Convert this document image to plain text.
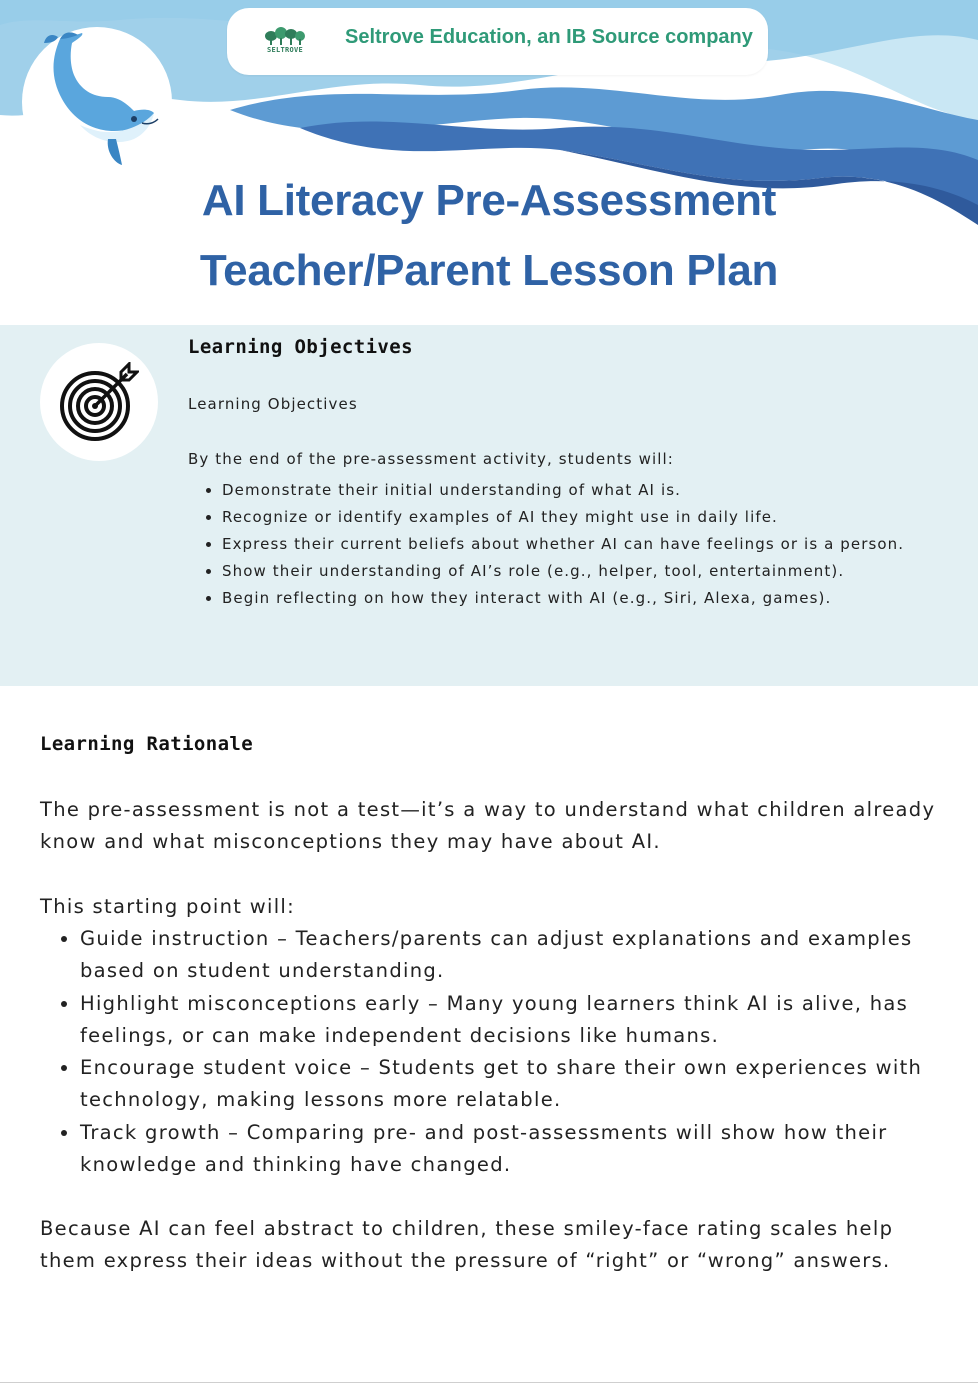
SELTROVE
Seltrove Education, an IB Source company
AI Literacy Pre-Assessment
Teacher/Parent Lesson Plan
Learning Objectives
Learning Objectives
By the end of the pre-assessment activity, students will:
• Demonstrate their initial understanding of what AI is.
• Recognize or identify examples of AI they might use in daily life.
• Express their current beliefs about whether AI can have feelings or is a person.
• Show their understanding of AI’s role (e.g., helper, tool, entertainment).
• Begin reflecting on how they interact with AI (e.g., Siri, Alexa, games).
Learning Rationale

The pre-assessment is not a test—it’s a way to understand what children already know and what misconceptions they may have about AI.

This starting point will:

• Guide instruction – Teachers/parents can adjust explanations and examples based on student understanding.
• Highlight misconceptions early – Many young learners think AI is alive, has feelings, or can make independent decisions like humans.
• Encourage student voice – Students get to share their own experiences with technology, making lessons more relatable.
• Track growth – Comparing pre- and post-assessments will show how their knowledge and thinking have changed.

Because AI can feel abstract to children, these smiley-face rating scales help them express their ideas without the pressure of “right” or “wrong” answers.
